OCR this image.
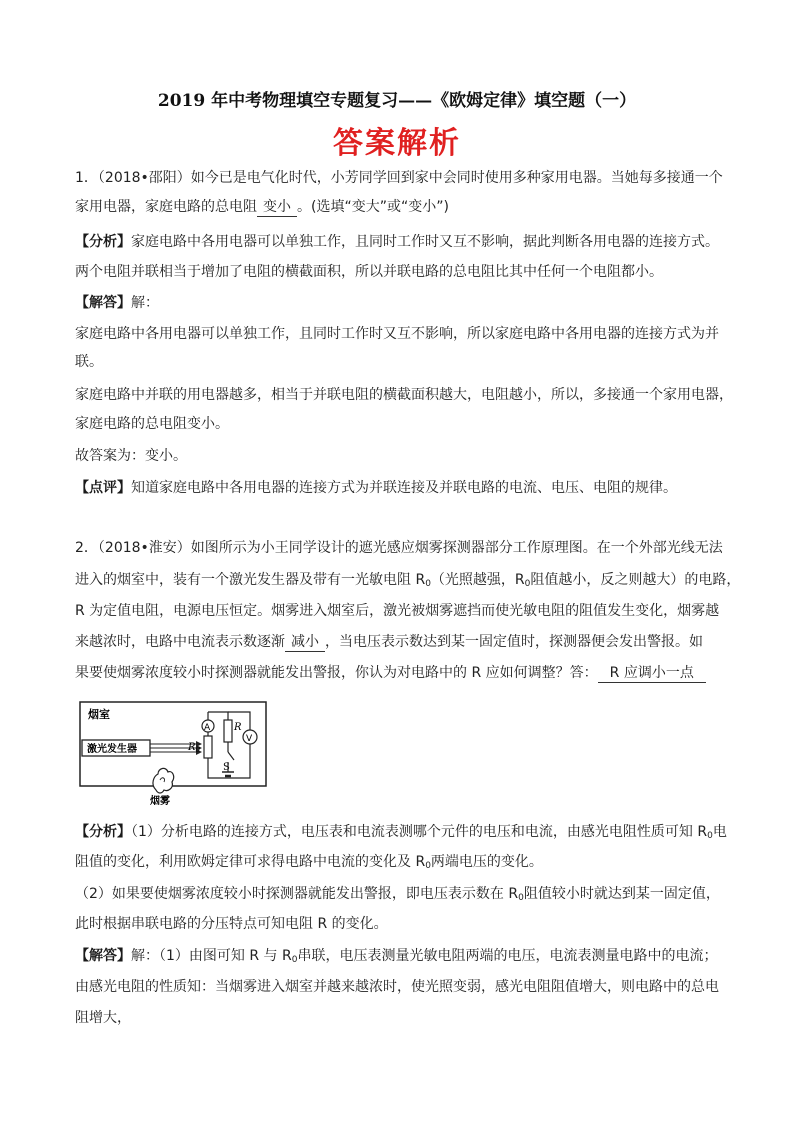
2019 年中考物理填空专题复习——《欧姆定律》填空题（一）
答案解析
1．（2018•邵阳）如今已是电气化时代，小芳同学回到家中会同时使用多种家用电器。当她每多接通一个
家用电器，家庭电路的总电阻 变小 。(选填“变大”或“变小”)
【分析】家庭电路中各用电器可以单独工作，且同时工作时又互不影响，据此判断各用电器的连接方式。
两个电阻并联相当于增加了电阻的横截面积，所以并联电路的总电阻比其中任何一个电阻都小。
【解答】解：
家庭电路中各用电器可以单独工作，且同时工作时又互不影响，所以家庭电路中各用电器的连接方式为并
联。
家庭电路中并联的用电器越多，相当于并联电阻的横截面积越大，电阻越小，所以，多接通一个家用电器，
家庭电路的总电阻变小。
故答案为：变小。
【点评】知道家庭电路中各用电器的连接方式为并联连接及并联电路的电流、电压、电阻的规律。
2．（2018•淮安）如图所示为小王同学设计的遮光感应烟雾探测器部分工作原理图。在一个外部光线无法
进入的烟室中，装有一个激光发生器及带有一光敏电阻 $R_0$（光照越强，$R_0$阻值越小，反之则越大）的电路，
R 为定值电阻，电源电压恒定。烟雾进入烟室后，激光被烟雾遮挡而使光敏电阻的阻值发生变化，烟雾越
来越浓时，电路中电流表示数逐渐 减小 ，当电压表示数达到某一固定值时，探测器便会发出警报。如
果要使烟雾浓度较小时探测器就能发出警报，你认为对电路中的 R 应如何调整？答： R 应调小一点
烟室
激光发生器
A
$R_0$
R
S
V
烟雾
【分析】（1）分析电路的连接方式，电压表和电流表测哪个元件的电压和电流，由感光电阻性质可知 $R_0$电
阻值的变化，利用欧姆定律可求得电路中电流的变化及 $R_0$两端电压的变化。
（2）如果要使烟雾浓度较小时探测器就能发出警报，即电压表示数在 $R_0$阻值较小时就达到某一固定值，
此时根据串联电路的分压特点可知电阻 R 的变化。
【解答】解：（1）由图可知 R 与 $R_0$串联，电压表测量光敏电阻两端的电压，电流表测量电路中的电流；
由感光电阻的性质知：当烟雾进入烟室并越来越浓时，使光照变弱，感光电阻阻值增大，则电路中的总电
阻增大，
